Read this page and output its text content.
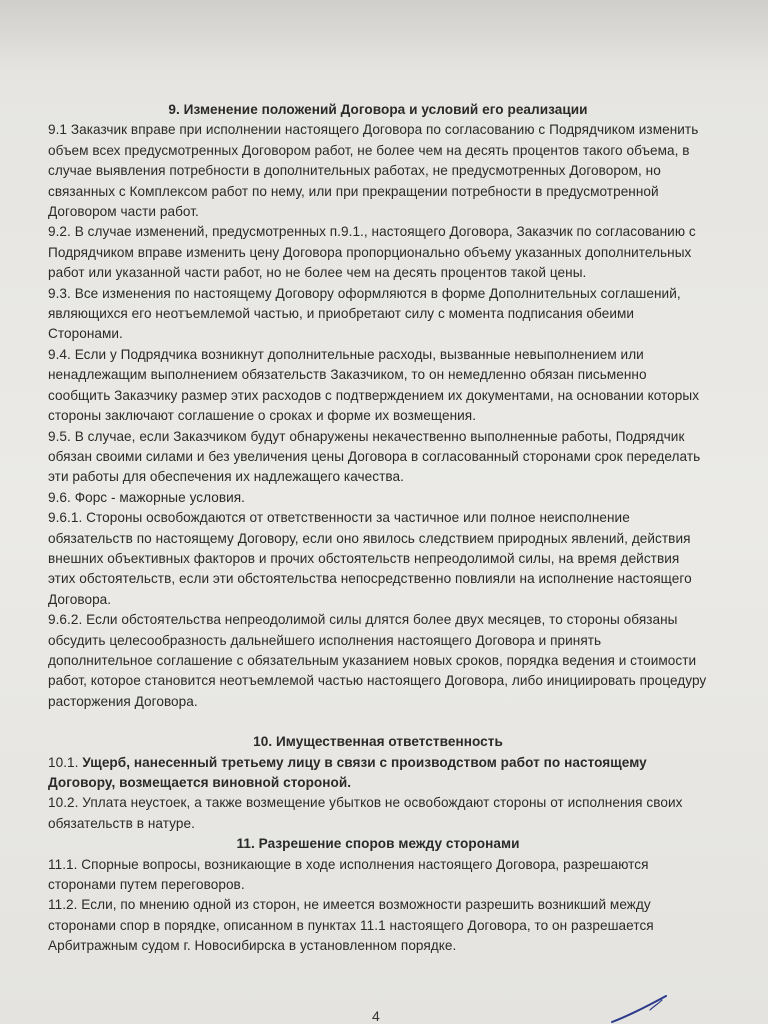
9. Изменение положений Договора и условий его реализации

9.1 Заказчик вправе при исполнении настоящего Договора по согласованию с Подрядчиком изменить объем всех предусмотренных Договором работ, не более чем на десять процентов такого объема, в случае выявления потребности в дополнительных работах, не предусмотренных Договором, но связанных с Комплексом работ по нему, или при прекращении потребности в предусмотренной Договором части работ.

9.2. В случае изменений, предусмотренных п.9.1., настоящего Договора, Заказчик по согласованию с Подрядчиком вправе изменить цену Договора пропорционально объему указанных дополнительных работ или указанной части работ, но не более чем на десять процентов такой цены.

9.3. Все изменения по настоящему Договору оформляются в форме Дополнительных соглашений, являющихся его неотъемлемой частью, и приобретают силу с момента подписания обеими Сторонами.

9.4. Если у Подрядчика возникнут дополнительные расходы, вызванные невыполнением или ненадлежащим выполнением обязательств Заказчиком, то он немедленно обязан письменно сообщить Заказчику размер этих расходов с подтверждением их документами, на основании которых стороны заключают соглашение о сроках и форме их возмещения.

9.5. В случае, если Заказчиком будут обнаружены некачественно выполненные работы, Подрядчик обязан своими силами и без увеличения цены Договора в согласованный сторонами срок переделать эти работы для обеспечения их надлежащего качества.

9.6. Форс - мажорные условия.

9.6.1. Стороны освобождаются от ответственности за частичное или полное неисполнение обязательств по настоящему Договору, если оно явилось следствием природных явлений, действия внешних объективных факторов и прочих обстоятельств непреодолимой силы, на время действия этих обстоятельств, если эти обстоятельства непосредственно повлияли на исполнение настоящего Договора.

9.6.2. Если обстоятельства непреодолимой силы длятся более двух месяцев, то стороны обязаны обсудить целесообразность дальнейшего исполнения настоящего Договора и принять дополнительное соглашение с обязательным указанием новых сроков, порядка ведения и стоимости работ, которое становится неотъемлемой частью настоящего Договора, либо инициировать процедуру расторжения Договора.

10. Имущественная ответственность

10.1. Ущерб, нанесенный третьему лицу в связи с производством работ по настоящему Договору, возмещается виновной стороной.

10.2. Уплата неустоек, а также возмещение убытков не освобождают стороны от исполнения своих обязательств в натуре.

11. Разрешение споров между сторонами

11.1. Спорные вопросы, возникающие в ходе исполнения настоящего Договора, разрешаются сторонами путем переговоров.

11.2. Если, по мнению одной из сторон, не имеется возможности разрешить возникший между сторонами спор в порядке, описанном в пунктах 11.1 настоящего Договора, то он разрешается Арбитражным судом г. Новосибирска в установленном порядке.

4
